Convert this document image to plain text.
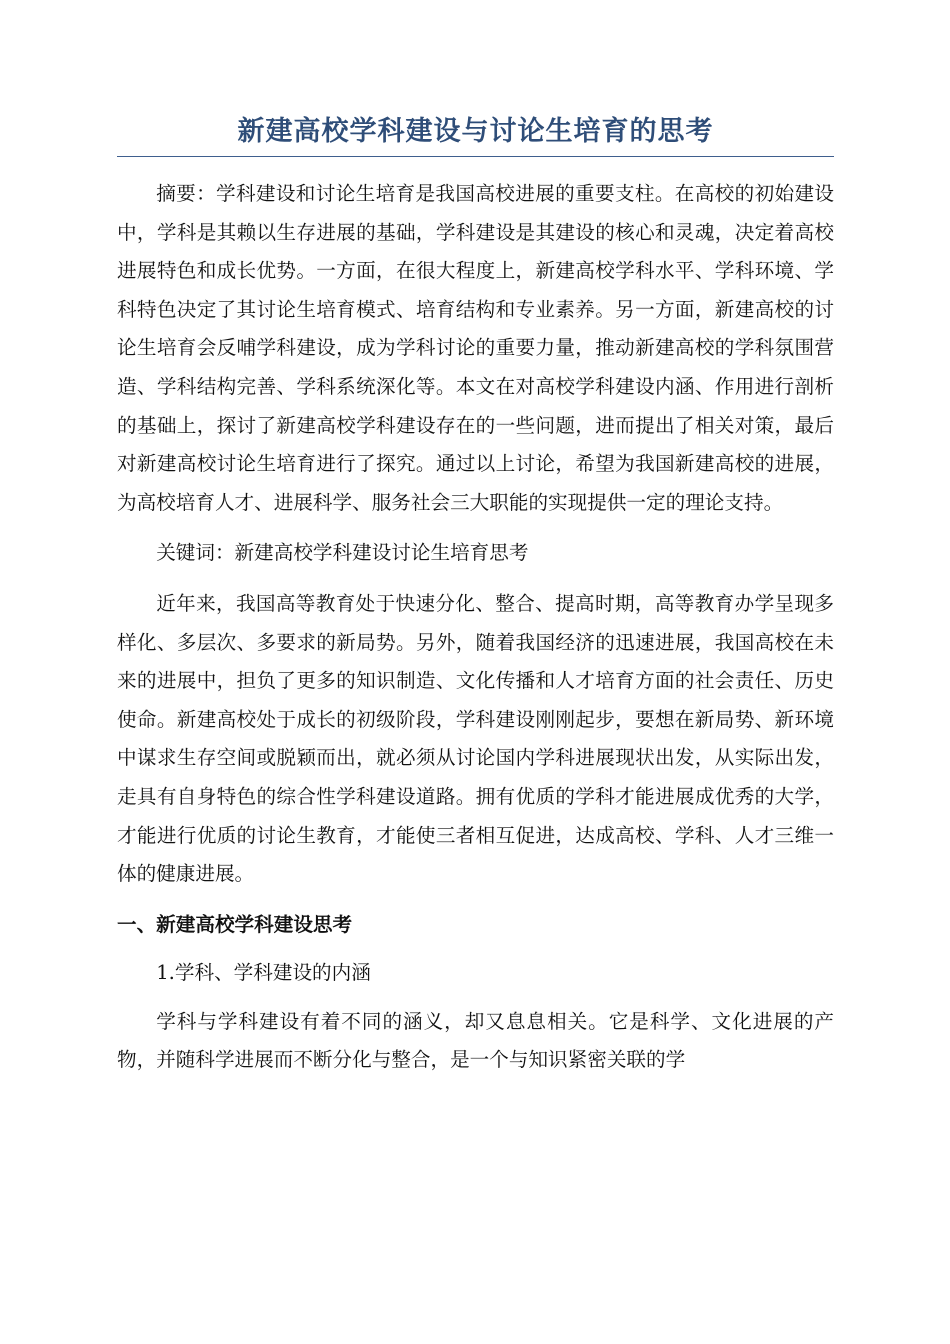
新建高校学科建设与讨论生培育的思考

摘要：学科建设和讨论生培育是我国高校进展的重要支柱。在高校的初始建设中，学科是其赖以生存进展的基础，学科建设是其建设的核心和灵魂，决定着高校进展特色和成长优势。一方面，在很大程度上，新建高校学科水平、学科环境、学科特色决定了其讨论生培育模式、培育结构和专业素养。另一方面，新建高校的讨论生培育会反哺学科建设，成为学科讨论的重要力量，推动新建高校的学科氛围营造、学科结构完善、学科系统深化等。本文在对高校学科建设内涵、作用进行剖析的基础上，探讨了新建高校学科建设存在的一些问题，进而提出了相关对策，最后对新建高校讨论生培育进行了探究。通过以上讨论，希望为我国新建高校的进展，为高校培育人才、进展科学、服务社会三大职能的实现提供一定的理论支持。

关键词：新建高校学科建设讨论生培育思考

近年来，我国高等教育处于快速分化、整合、提高时期，高等教育办学呈现多样化、多层次、多要求的新局势。另外，随着我国经济的迅速进展，我国高校在未来的进展中，担负了更多的知识制造、文化传播和人才培育方面的社会责任、历史使命。新建高校处于成长的初级阶段，学科建设刚刚起步，要想在新局势、新环境中谋求生存空间或脱颖而出，就必须从讨论国内学科进展现状出发，从实际出发，走具有自身特色的综合性学科建设道路。拥有优质的学科才能进展成优秀的大学，才能进行优质的讨论生教育，才能使三者相互促进，达成高校、学科、人才三维一体的健康进展。

一、新建高校学科建设思考
1.学科、学科建设的内涵

学科与学科建设有着不同的涵义，却又息息相关。它是科学、文化进展的产物，并随科学进展而不断分化与整合，是一个与知识紧密关联的学
